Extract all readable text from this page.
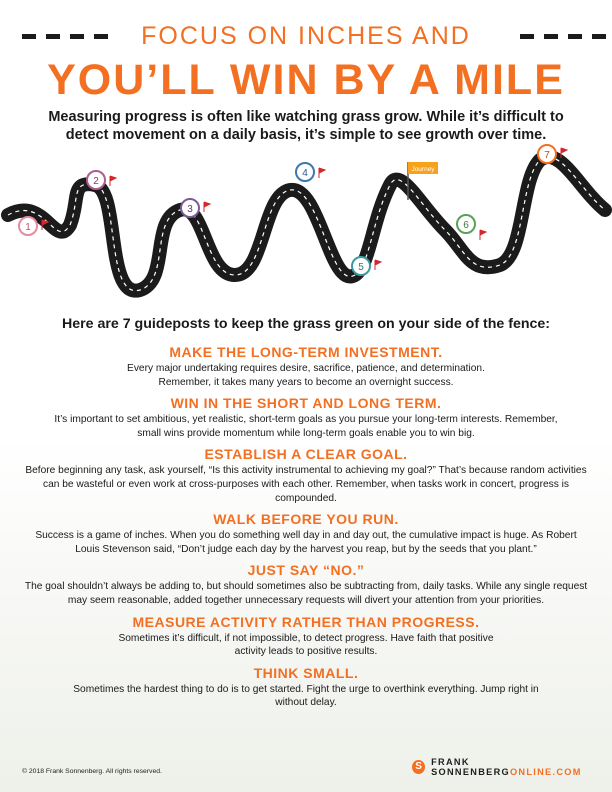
FOCUS ON INCHES AND
YOU’LL WIN BY A MILE
Measuring progress is often like watching grass grow. While it’s difficult to detect movement on a daily basis, it’s simple to see growth over time.
1
2
3
4
5
6
7
Journey
Here are 7 guideposts to keep the grass green on your side of the fence:
MAKE THE LONG-TERM INVESTMENT.

Every major undertaking requires desire, sacrifice, patience, and determination. Remember, it takes many years to become an overnight success.

WIN IN THE SHORT AND LONG TERM.

It’s important to set ambitious, yet realistic, short-term goals as you pursue your long-term interests. Remember, small wins provide momentum while long-term goals enable you to win big.

ESTABLISH A CLEAR GOAL.

Before beginning any task, ask yourself, “Is this activity instrumental to achieving my goal?” That’s because random activities can be wasteful or even work at cross-purposes with each other. Remember, when tasks work in concert, progress is compounded.

WALK BEFORE YOU RUN.

Success is a game of inches. When you do something well day in and day out, the cumulative impact is huge. As Robert Louis Stevenson said, “Don’t judge each day by the harvest you reap, but by the seeds that you plant.”

JUST SAY “NO.”

The goal shouldn’t always be adding to, but should sometimes also be subtracting from, daily tasks. While any single request may seem reasonable, added together unnecessary requests will divert your attention from your priorities.

MEASURE ACTIVITY RATHER THAN PROGRESS.

Sometimes it’s difficult, if not impossible, to detect progress. Have faith that positive activity leads to positive results.

THINK SMALL.

Sometimes the hardest thing to do is to get started. Fight the urge to overthink everything. Jump right in without delay.

© 2018 Frank Sonnenberg. All rights reserved.	S	FRANK SONNENBERGONLINE.COM
